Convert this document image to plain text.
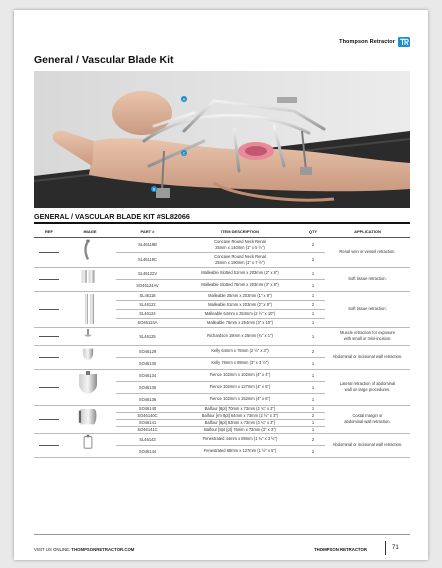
Thompson Retractor
General / Vascular Blade Kit
A
B
C
GENERAL / VASCULAR BLADE KIT #SL82066
REF	IMAGE	PART #	ITEM DESCRIPTION	QTY	APPLICATION

		SL46119B	Concave Round Neck Renal
25mm x 140mm (1" x 5 ½")	2	Renal vein or vessel retraction.

		SL46119C	Concave Round Neck Renal
25mm x 190mm (1" x 7 ½")	2	

		SL46122V	Malleable Slotted 51mm x 203mm (2" x 8")	1	Soft tissue retraction.

		SO46124AV	Malleable Slotted 76mm x 203mm (3" x 8")	1	

		SL46118	Malleable 25mm x 203mm (1" x 8")	1	Soft tissue retraction.

		SL46122	Malleable 51mm x 203mm (2" x 8")	2	
		SL46124	Malleable 64mm x 254mm (2 ½" x 10")	1	
		SO46124A	Malleable 76mm x 254mm (3" x 10")	1	

		SL46125	Richardson 19mm x 25mm (¾" x 1")	1	Muscle retraction for exposure
with small or mini-incision.

		SO46129	Kelly 64mm x 76mm (2 ½" x 3")	2	Abdominal or incisional wall retraction.

		SO46130	Kelly 76mm x 89mm (3" x 3 ½")	1	

		SO46134	Fience 102mm x 102mm (4" x 4")	1	Lateral retraction of abdominal
wall on large procedures.

		SO46135	Fience 102mm x 127mm (4" x 5")	1	
		SO46136	Fience 102mm x 152mm (4" x 6")	1	

		SO46140	Balfour [8pt] 70mm x 73mm (2 ¾" x 3")	1	Costal margin or
abdominal wall retraction.

		SO46140C	Balfour [rm 8pt] 64mm x 73mm (2 ½" x 3")	2	
		SO46141	Balfour [8pt] 83mm x 73mm (3 ¼" x 3")	1	
		SO46141C	Balfour [8pt (pt] 76mm x 73mm (3" x 3")	1	

		SL46143	Fenestrated 44mm x 89mm (1 ¾" x 3 ½")	2	Abdominal or incisional wall retraction.

		SO46144	Fenestrated 68mm x 127mm (1 ½" x 5")	2	
VISIT US ONLINE: THOMPSONRETRACTOR.COM	THOMPSON RETRACTOR	71
